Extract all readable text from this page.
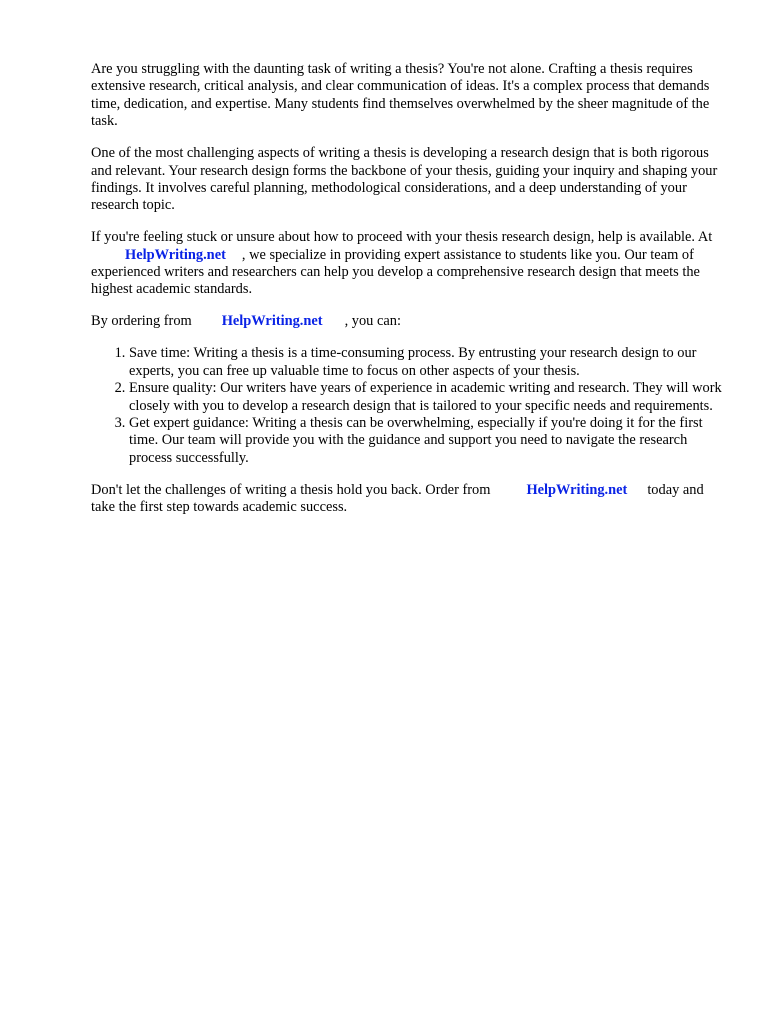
Are you struggling with the daunting task of writing a thesis? You're not alone. Crafting a thesis requires extensive research, critical analysis, and clear communication of ideas. It's a complex process that demands time, dedication, and expertise. Many students find themselves overwhelmed by the sheer magnitude of the task.

One of the most challenging aspects of writing a thesis is developing a research design that is both rigorous and relevant. Your research design forms the backbone of your thesis, guiding your inquiry and shaping your findings. It involves careful planning, methodological considerations, and a deep understanding of your research topic.

If you're feeling stuck or unsure about how to proceed with your thesis research design, help is available. AtHelpWriting.net , we specialize in providing expert assistance to students like you. Our team of experienced writers and researchers can help you develop a comprehensive research design that meets the highest academic standards.

By ordering from HelpWriting.net , you can:

1. Save time: Writing a thesis is a time-consuming process. By entrusting your research design to our experts, you can free up valuable time to focus on other aspects of your thesis.
2. Ensure quality: Our writers have years of experience in academic writing and research. They will work closely with you to develop a research design that is tailored to your specific needs and requirements.
3. Get expert guidance: Writing a thesis can be overwhelming, especially if you're doing it for the first time. Our team will provide you with the guidance and support you need to navigate the research process successfully.

Don't let the challenges of writing a thesis hold you back. Order from	HelpWriting.net today and take the first step towards academic success.
